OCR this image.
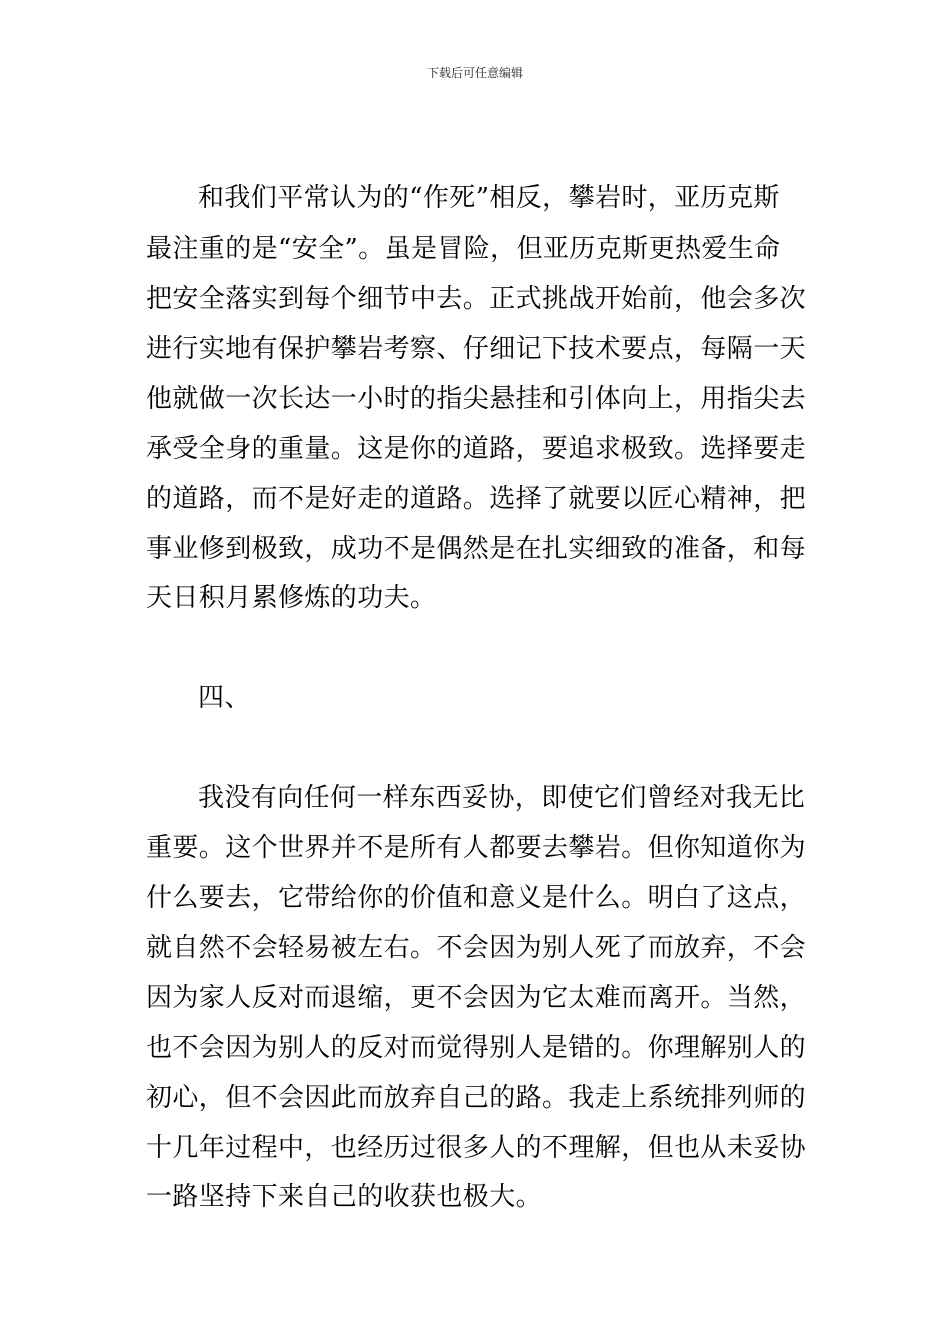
下载后可任意编辑
和我们平常认为的“作死”相反，攀岩时，亚历克斯
最注重的是“安全”。虽是冒险，但亚历克斯更热爱生命
把安全落实到每个细节中去。正式挑战开始前，他会多次
进行实地有保护攀岩考察、仔细记下技术要点，每隔一天
他就做一次长达一小时的指尖悬挂和引体向上，用指尖去
承受全身的重量。这是你的道路，要追求极致。选择要走
的道路，而不是好走的道路。选择了就要以匠心精神，把
事业修到极致，成功不是偶然是在扎实细致的准备，和每
天日积月累修炼的功夫。
四、
我没有向任何一样东西妥协，即使它们曾经对我无比
重要。这个世界并不是所有人都要去攀岩。但你知道你为
什么要去，它带给你的价值和意义是什么。明白了这点，
就自然不会轻易被左右。不会因为别人死了而放弃，不会
因为家人反对而退缩，更不会因为它太难而离开。当然，
也不会因为别人的反对而觉得别人是错的。你理解别人的
初心，但不会因此而放弃自己的路。我走上系统排列师的
十几年过程中，也经历过很多人的不理解，但也从未妥协
一路坚持下来自己的收获也极大。
